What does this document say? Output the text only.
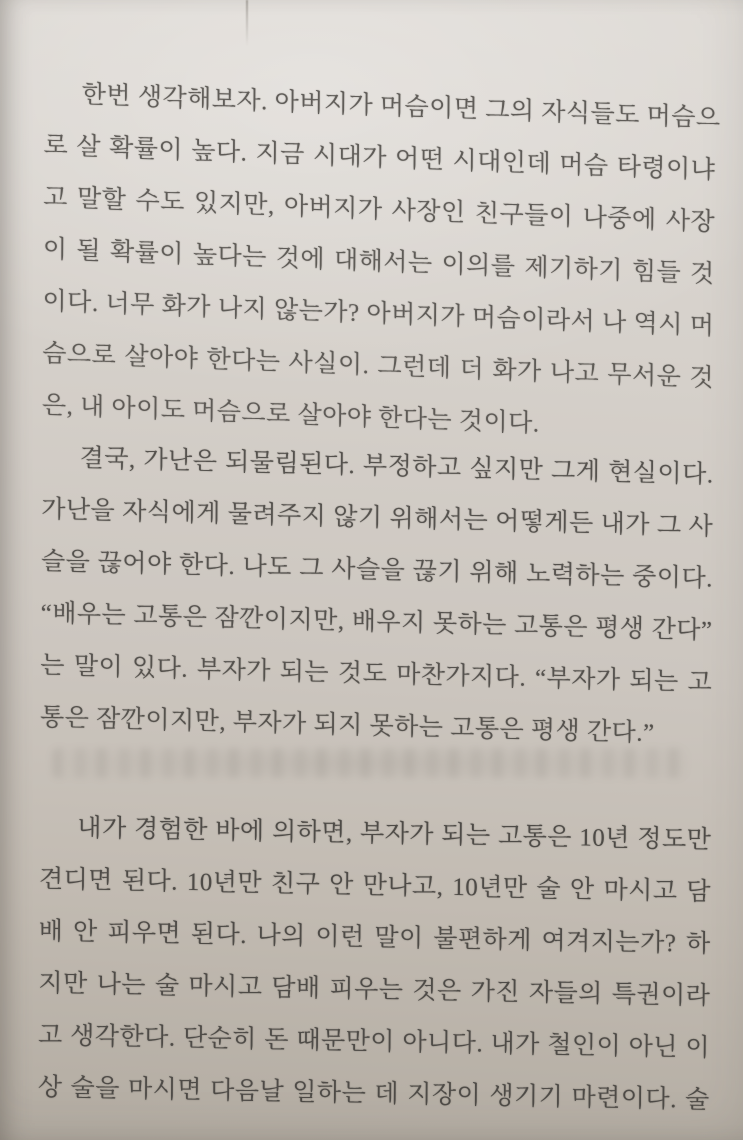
한번 생각해보자. 아버지가 머슴이면 그의 자식들도 머슴으
로 살 확률이 높다. 지금 시대가 어떤 시대인데 머슴 타령이냐
고 말할 수도 있지만, 아버지가 사장인 친구들이 나중에 사장
이 될 확률이 높다는 것에 대해서는 이의를 제기하기 힘들 것
이다. 너무 화가 나지 않는가? 아버지가 머슴이라서 나 역시 머
슴으로 살아야 한다는 사실이. 그런데 더 화가 나고 무서운 것
은, 내 아이도 머슴으로 살아야 한다는 것이다.
결국, 가난은 되물림된다. 부정하고 싶지만 그게 현실이다.
가난을 자식에게 물려주지 않기 위해서는 어떻게든 내가 그 사
슬을 끊어야 한다. 나도 그 사슬을 끊기 위해 노력하는 중이다.
“배우는 고통은 잠깐이지만, 배우지 못하는 고통은 평생 간다”
는 말이 있다. 부자가 되는 것도 마찬가지다. “부자가 되는 고
통은 잠깐이지만, 부자가 되지 못하는 고통은 평생 간다.”
내가 경험한 바에 의하면, 부자가 되는 고통은 10년 정도만
견디면 된다. 10년만 친구 안 만나고, 10년만 술 안 마시고 담
배 안 피우면 된다. 나의 이런 말이 불편하게 여겨지는가? 하
지만 나는 술 마시고 담배 피우는 것은 가진 자들의 특권이라
고 생각한다. 단순히 돈 때문만이 아니다. 내가 철인이 아닌 이
상 술을 마시면 다음날 일하는 데 지장이 생기기 마련이다. 술
